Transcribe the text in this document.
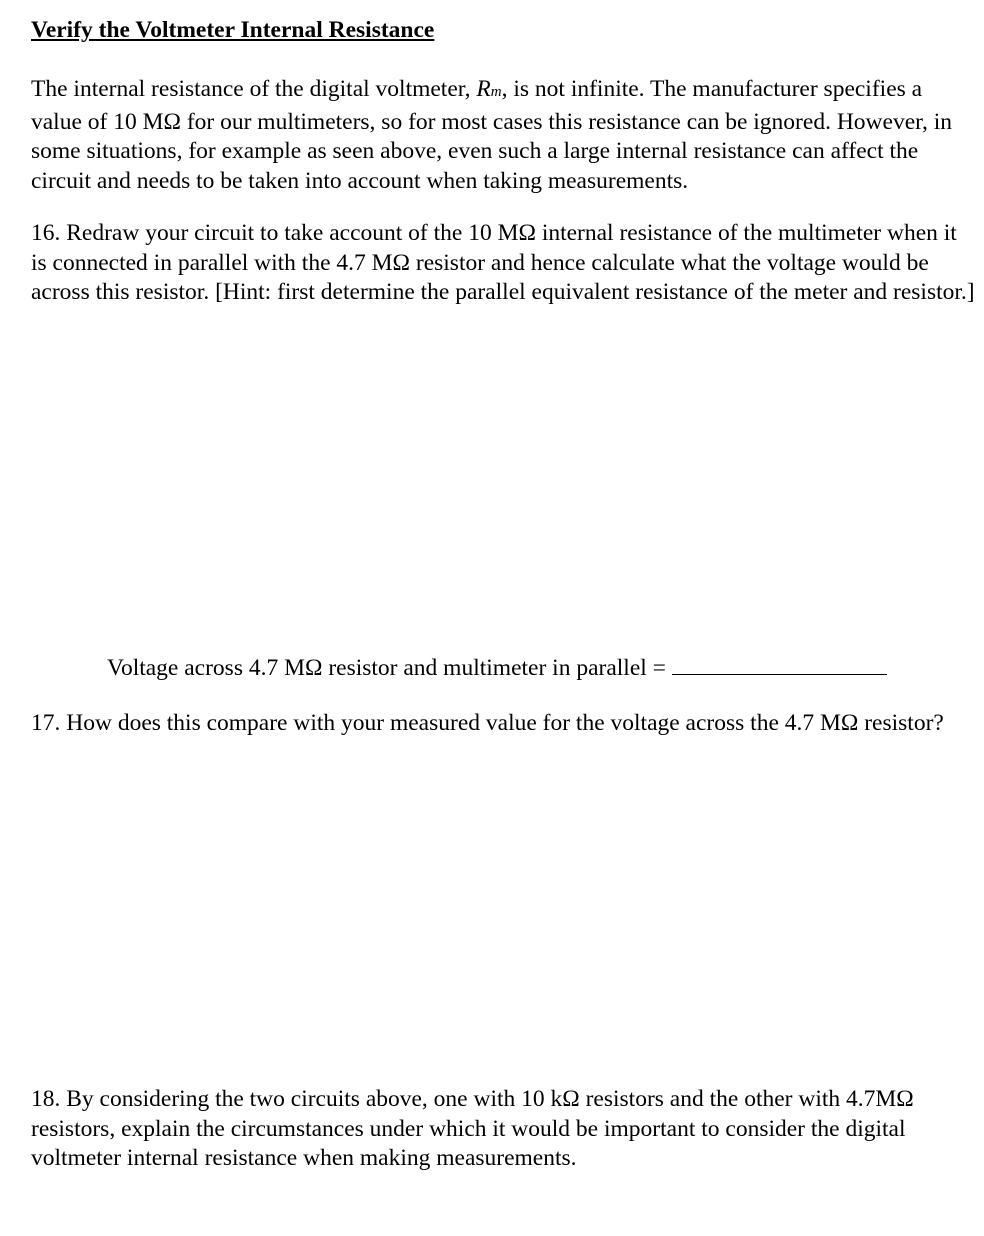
Verify the Voltmeter Internal Resistance

The internal resistance of the digital voltmeter, Rm, is not infinite. The manufacturer specifies a value of 10 MΩ for our multimeters, so for most cases this resistance can be ignored. However, in some situations, for example as seen above, even such a large internal resistance can affect the circuit and needs to be taken into account when taking measurements.

16. Redraw your circuit to take account of the 10 MΩ internal resistance of the multimeter when it is connected in parallel with the 4.7 MΩ resistor and hence calculate what the voltage would be across this resistor. [Hint: first determine the parallel equivalent resistance of the meter and resistor.]

Voltage across 4.7 MΩ resistor and multimeter in parallel =

17. How does this compare with your measured value for the voltage across the 4.7 MΩ resistor?

18. By considering the two circuits above, one with 10 kΩ resistors and the other with 4.7MΩ resistors, explain the circumstances under which it would be important to consider the digital voltmeter internal resistance when making measurements.
